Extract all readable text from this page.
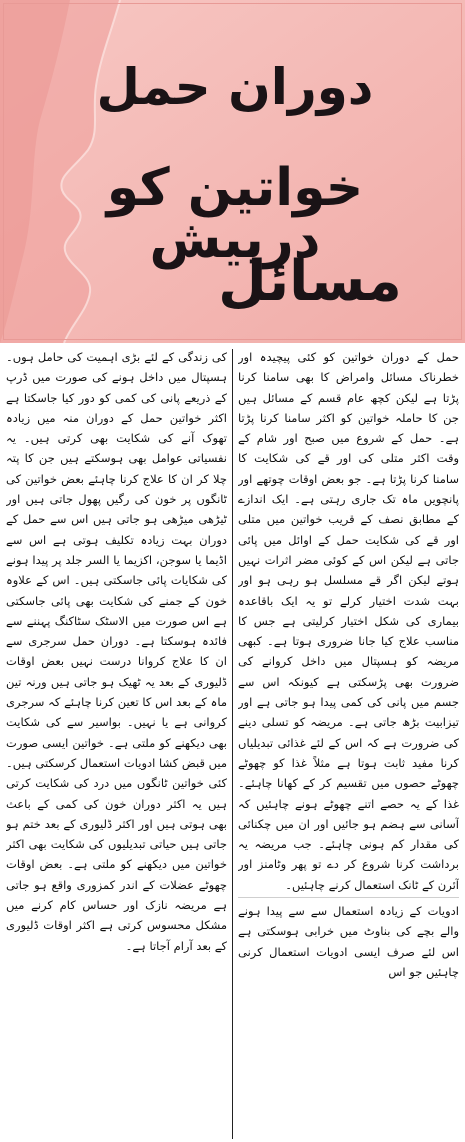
دوران حمل
خواتین کو درپیش
مسائل

حمل کے دوران خواتین کو کئی پیچیدہ اور خطرناک مسائل وامراض کا بھی سامنا کرنا پڑتا ہے لیکن کچھ عام قسم کے مسائل ہیں جن کا حاملہ خواتین کو اکثر سامنا کرنا پڑتا ہے۔ حمل کے شروع میں صبح اور شام کے وقت اکثر متلی کی اور قے کی شکایت کا سامنا کرنا پڑتا ہے۔ جو بعض اوقات چوتھے اور پانچویں ماہ تک جاری رہتی ہے۔ ایک اندازے کے مطابق نصف کے قریب خواتین میں متلی اور قے کی شکایت حمل کے اوائل میں پائی جاتی ہے لیکن اس کے کوئی مضر اثرات نہیں ہوتے لیکن اگر قے مسلسل ہو رہی ہو اور بہت شدت اختیار کرلے تو یہ ایک باقاعدہ بیماری کی شکل اختیار کرلیتی ہے جس کا مناسب علاج کیا جانا ضروری ہوتا ہے۔ کبھی مریضہ کو ہسپتال میں داخل کروانے کی ضرورت بھی پڑسکتی ہے کیونکہ اس سے جسم میں پانی کی کمی پیدا ہو جاتی ہے اور تیزابیت بڑھ جاتی ہے۔ مریضہ کو تسلی دینے کی ضرورت ہے کہ اس کے لئے غذائی تبدیلیاں کرنا مفید ثابت ہوتا ہے مثلاً غذا کو چھوٹے چھوٹے حصوں میں تقسیم کر کے کھانا چاہئے۔ غذا کے یہ حصے اتنے چھوٹے ہونے چاہئیں کہ آسانی سے ہضم ہو جائیں اور ان میں چکنائی کی مقدار کم ہونی چاہئے۔ جب مریضہ یہ برداشت کرنا شروع کر دے تو پھر وٹامنز اور آئرن کے ٹانک استعمال کرنے چاہئیں۔

ادویات کے زیادہ استعمال سے سے پیدا ہونے والے بچے کی بناوٹ میں خرابی ہوسکتی ہے اس لئے صرف ایسی ادویات استعمال کرنی چاہئیں جو اس

کی زندگی کے لئے بڑی اہمیت کی حامل ہوں۔ ہسپتال میں داخل ہونے کی صورت میں ڈرپ کے ذریعے پانی کی کمی کو دور کیا جاسکتا ہے اکثر خواتین حمل کے دوران منہ میں زیادہ تھوک آنے کی شکایت بھی کرتی ہیں۔ یہ نفسیاتی عوامل بھی ہوسکتے ہیں جن کا پتہ چلا کر ان کا علاج کرنا چاہئے بعض خواتین کی ٹانگوں پر خون کی رگیں پھول جاتی ہیں اور ٹیڑھی میڑھی ہو جاتی ہیں اس سے حمل کے دوران بہت زیادہ تکلیف ہوتی ہے اس سے اڈیما یا سوجن، اکزیما یا السر جلد پر پیدا ہونے کی شکایات پائی جاسکتی ہیں۔ اس کے علاوہ خون کے جمنے کی شکایت بھی پائی جاسکتی ہے اس صورت میں الاسٹک سٹاکنگ پہننے سے فائدہ ہوسکتا ہے۔ دوران حمل سرجری سے ان کا علاج کروانا درست نہیں بعض اوقات ڈلیوری کے بعد یہ ٹھیک ہو جاتی ہیں ورنہ تین ماہ کے بعد اس کا تعین کرنا چاہئے کہ سرجری کروانی ہے یا نہیں۔ بواسیر سے کی شکایت بھی دیکھنے کو ملتی ہے۔ خواتین ایسی صورت میں قبض کشا ادویات استعمال کرسکتی ہیں۔ کئی خواتین ٹانگوں میں درد کی شکایت کرتی ہیں یہ اکثر دوران خون کی کمی کے باعث بھی ہوتی ہیں اور اکثر ڈلیوری کے بعد ختم ہو جاتی ہیں حیاتی تبدیلیوں کی شکایت بھی اکثر خواتین میں دیکھنے کو ملتی ہے۔ بعض اوقات چھوٹے عضلات کے اندر کمزوری واقع ہو جاتی ہے مریضہ نازک اور حساس کام کرنے میں مشکل محسوس کرتی ہے اکثر اوقات ڈلیوری کے بعد آرام آجاتا ہے۔
